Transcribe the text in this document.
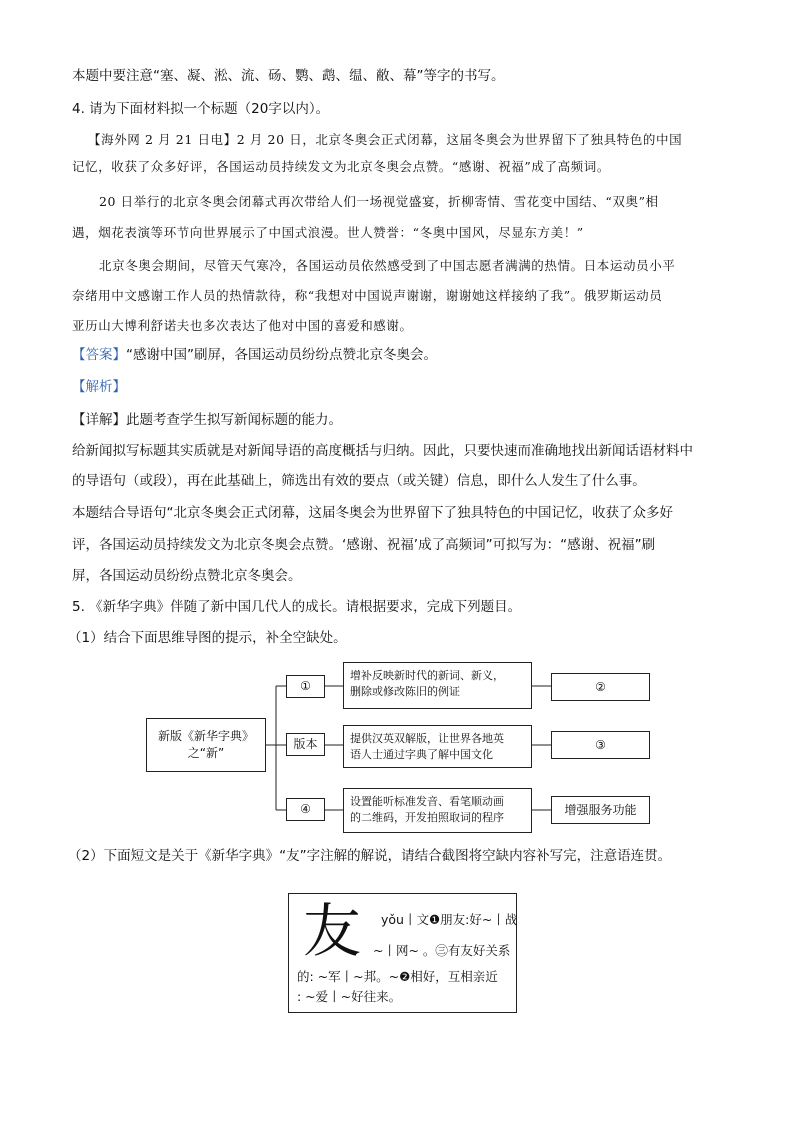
本题中要注意“塞、凝、淞、流、砀、鹦、鹉、缊、敝、幕”等字的书写。
4. 请为下面材料拟一个标题（20字以内）。
【海外网 2 月 21 日电】2 月 20 日，北京冬奥会正式闭幕，这届冬奥会为世界留下了独具特色的中国
记忆，收获了众多好评，各国运动员持续发文为北京冬奥会点赞。“感谢、祝福”成了高频词。
20 日举行的北京冬奥会闭幕式再次带给人们一场视觉盛宴，折柳寄情、雪花变中国结、“双奥”相
遇，烟花表演等环节向世界展示了中国式浪漫。世人赞誉：“冬奥中国风，尽显东方美！”
北京冬奥会期间，尽管天气寒冷，各国运动员依然感受到了中国志愿者满满的热情。日本运动员小平
奈绪用中文感谢工作人员的热情款待，称“我想对中国说声谢谢，谢谢她这样接纳了我”。俄罗斯运动员
亚历山大博利舒诺夫也多次表达了他对中国的喜爱和感谢。
【答案】“感谢中国”刷屏，各国运动员纷纷点赞北京冬奥会。
【解析】
【详解】此题考查学生拟写新闻标题的能力。
给新闻拟写标题其实质就是对新闻导语的高度概括与归纳。因此，只要快速而准确地找出新闻话语材料中
的导语句（或段），再在此基础上，筛选出有效的要点（或关键）信息，即什么人发生了什么事。
本题结合导语句“北京冬奥会正式闭幕，这届冬奥会为世界留下了独具特色的中国记忆，收获了众多好
评，各国运动员持续发文为北京冬奥会点赞。‘感谢、祝福’成了高频词”可拟写为：“感谢、祝福”刷
屏，各国运动员纷纷点赞北京冬奥会。
5. 《新华字典》伴随了新中国几代人的成长。请根据要求，完成下列题目。
（1）结合下面思维导图的提示，补全空缺处。
新版《新华字典》
之“新”
①
版本
④
增补反映新时代的新词、新义，
删除或修改陈旧的例证
提供汉英双解版，让世界各地英
语人士通过字典了解中国文化
设置能听标准发音、看笔顺动画
的二维码，开发拍照取词的程序
②
③
增强服务功能
（2）下面短文是关于《新华字典》“友”字注解的解说，请结合截图将空缺内容补写完，注意语连贯。
友 yǒu丨文❶朋友:好~丨战
~丨网~ 。㊂有友好关系
的: ~军丨~邦。~❷相好，互相亲近
: ~爱丨~好往来。
